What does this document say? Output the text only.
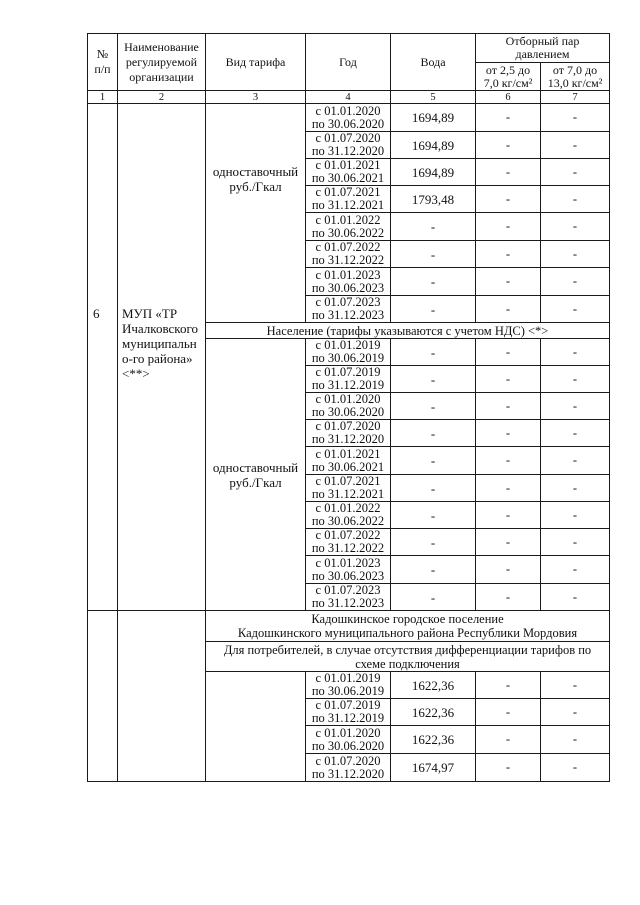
№
п/п	Наименование
регулируемой
организации	Вид тарифа	Год	Вода	Отборный пар
давлением	
					от 2,5 до
7,0 кг/см²	от 7,0 до
13,0 кг/см²
1	2	3	4	5	6	7
6	МУП «ТР
Ичалковского
муниципальн
о-го района»
<**>	одноставочный
руб./Гкал	с 01.01.2020
по 30.06.2020	1694,89	-	-

			с 01.07.2020
по 31.12.2020	1694,89	-	-

			с 01.01.2021
по 30.06.2021	1694,89	-	-

			с 01.07.2021
по 31.12.2021	1793,48	-	-

			с 01.01.2022
по 30.06.2022	-	-	-

			с 01.07.2022
по 31.12.2022	-	-	-

			с 01.01.2023
по 30.06.2023	-	-	-

			с 01.07.2023
по 31.12.2023	-	-	-
		Население (тарифы указываются с учетом НДС) <*>				
		одноставочный
руб./Гкал	с 01.01.2019
по 30.06.2019	-	-	-

			с 01.07.2019
по 31.12.2019	-	-	-

			с 01.01.2020
по 30.06.2020	-	-	-

			с 01.07.2020
по 31.12.2020	-	-	-

			с 01.01.2021
по 30.06.2021	-	-	-

			с 01.07.2021
по 31.12.2021	-	-	-

			с 01.01.2022
по 30.06.2022	-	-	-

			с 01.07.2022
по 31.12.2022	-	-	-

			с 01.01.2023
по 30.06.2023	-	-	-

			с 01.07.2023
по 31.12.2023	-	-	-
		Кадошкинское городское поселение
Кадошкинского муниципального района Республики Мордовия				
		Для потребителей, в случае отсутствия дифференциации тарифов по
схеме подключения				

			с 01.01.2019
по 30.06.2019	1622,36	-	-

			с 01.07.2019
по 31.12.2019	1622,36	-	-

			с 01.01.2020
по 30.06.2020	1622,36	-	-

			с 01.07.2020
по 31.12.2020	1674,97	-	-
